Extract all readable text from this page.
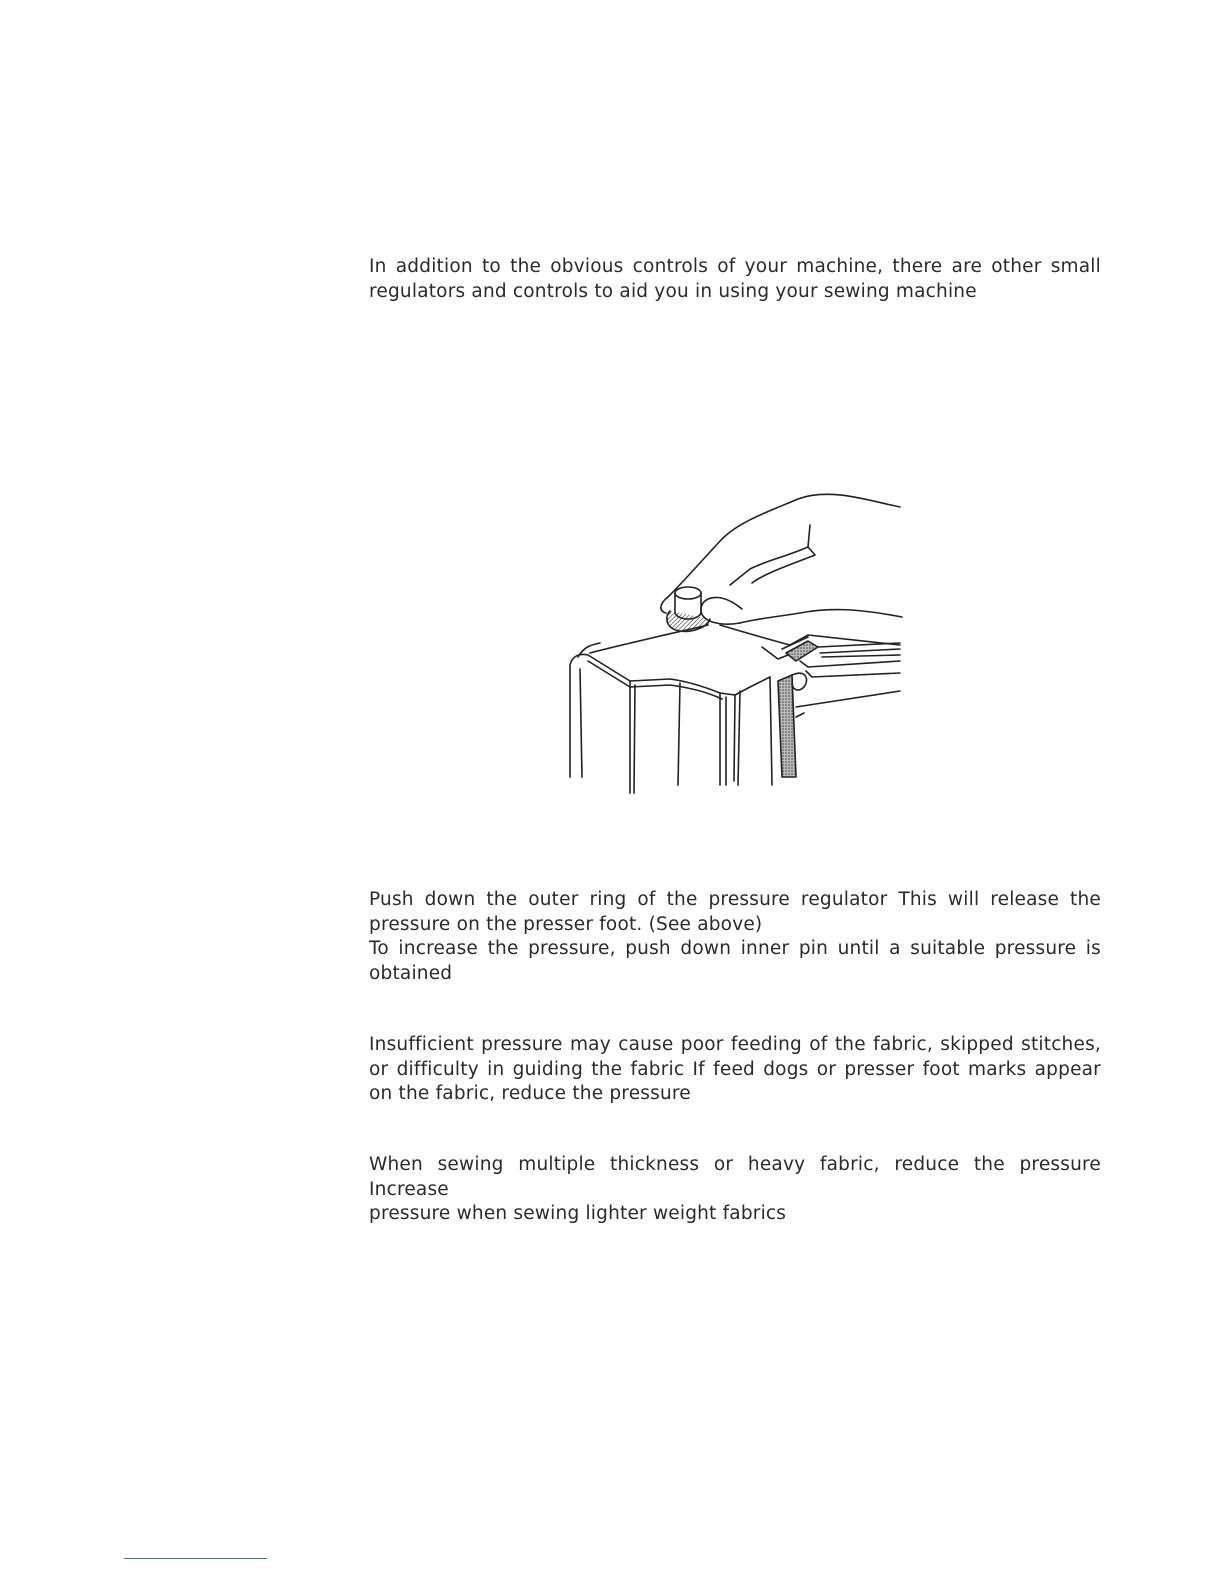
In addition to the obvious controls of your machine, there are other small
regulators and controls to aid you in using your sewing machine
Push down the outer ring of the pressure regulator This will release the
pressure on the presser foot. (See above)
To increase the pressure, push down inner pin until a suitable pressure is
obtained
Insufficient pressure may cause poor feeding of the fabric, skipped stitches,
or difficulty in guiding the fabric If feed dogs or presser foot marks appear
on the fabric, reduce the pressure
When sewing multiple thickness or heavy fabric, reduce the pressure Increase
pressure when sewing lighter weight fabrics
